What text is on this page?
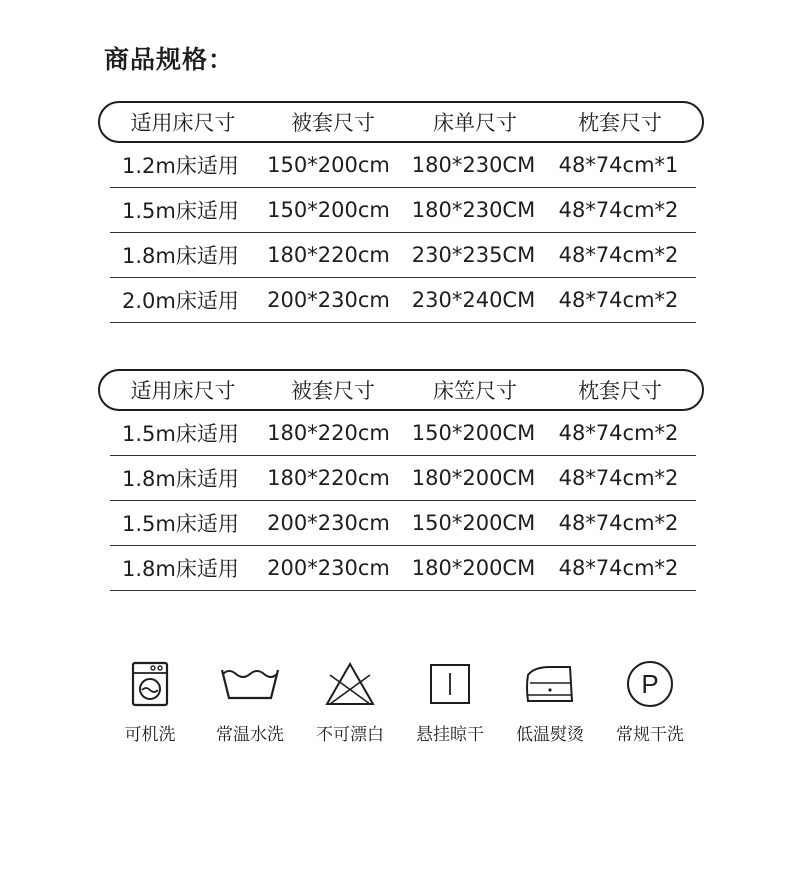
商品规格：
适用床尺寸	被套尺寸	床单尺寸	枕套尺寸
1.2m床适用	150*200cm	180*230CM	48*74cm*1
1.5m床适用	150*200cm	180*230CM	48*74cm*2
1.8m床适用	180*220cm	230*235CM	48*74cm*2
2.0m床适用	200*230cm	230*240CM	48*74cm*2
适用床尺寸	被套尺寸	床笠尺寸	枕套尺寸
1.5m床适用	180*220cm	150*200CM	48*74cm*2
1.8m床适用	180*220cm	180*200CM	48*74cm*2
1.5m床适用	200*230cm	150*200CM	48*74cm*2
1.8m床适用	200*230cm	180*200CM	48*74cm*2
可机洗 常温水洗 不可漂白 悬挂晾干 低温熨烫
P
常规干洗
